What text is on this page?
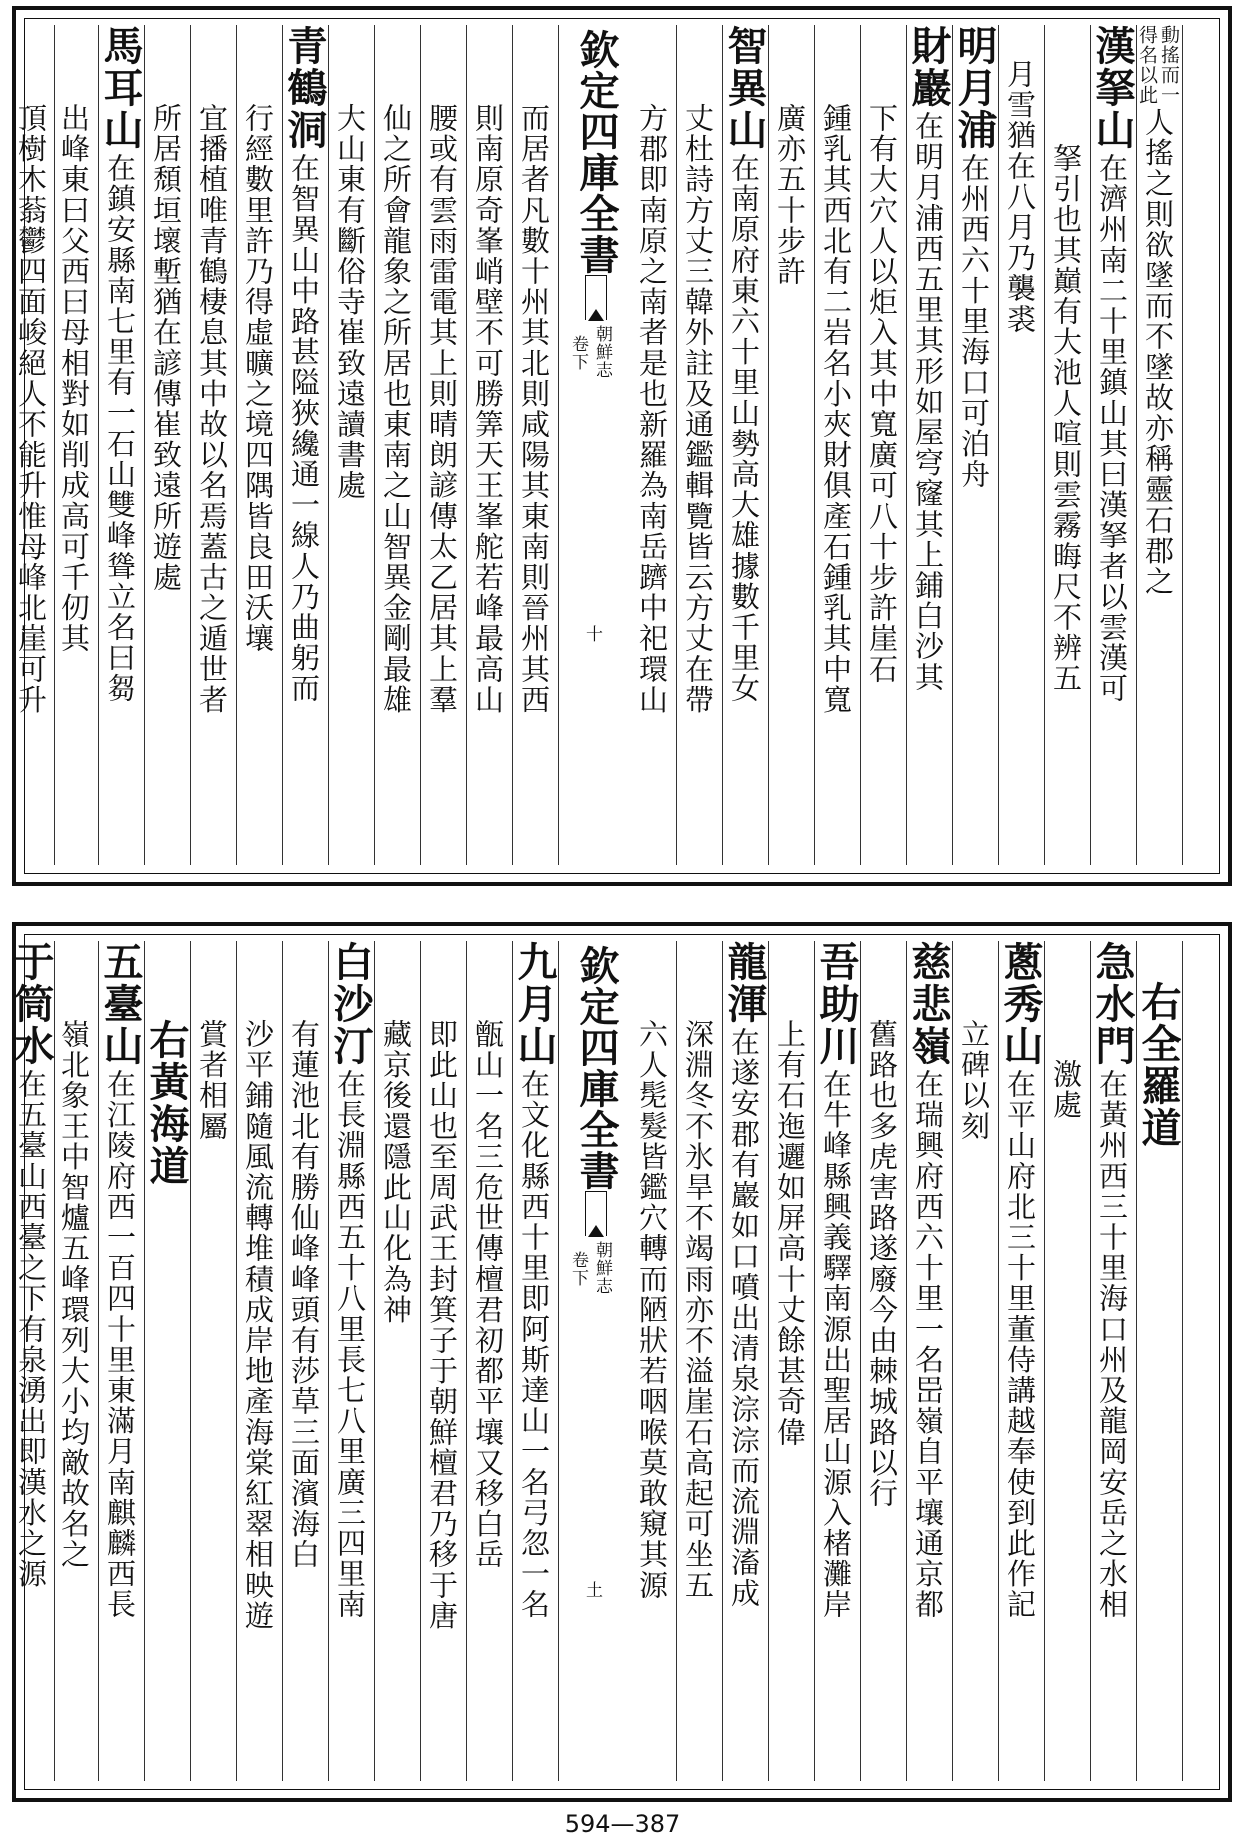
得名以此 動搖而一
人搖之則欲墜而不墜故亦稱靈石郡之
漢拏山
在濟州南二十里鎮山其曰漢拏者以雲漢可
拏引也其巔有大池人喧則雲霧晦尺不辨五
月雪猶在八月乃襲裘
明月浦
在州西六十里海口可泊舟
財巖
在明月浦西五里其形如屋穹窿其上鋪白沙其
下有大穴人以炬入其中寬廣可八十步許崖石
鍾乳其西北有二岩名小夾財俱產石鍾乳其中寬
廣亦五十步許
智異山
在南原府東六十里山勢高大雄據數千里女
丈杜詩方丈三韓外註及通鑑輯覽皆云方丈在帶
方郡即南原之南者是也新羅為南岳躋中祀環山
欽定四庫全書
卷下 朝鮮志
十
而居者凡數十州其北則咸陽其東南則晉州其西
則南原奇峯峭壁不可勝筭天王峯舵若峰最高山
腰或有雲雨雷電其上則晴朗諺傳太乙居其上羣
仙之所會龍象之所居也東南之山智異金剛最雄
大山東有斷俗寺崔致遠讀書處
青鶴洞
在智異山中路甚隘狹纔通一線人乃曲躬而
行經數里許乃得虛曠之境四隅皆良田沃壤
宜播植唯青鶴棲息其中故以名焉蓋古之遁世者
所居頹垣壞塹猶在諺傳崔致遠所遊處
馬耳山
在鎮安縣南七里有一石山雙峰聳立名曰芻
出峰東曰父西曰母相對如削成高可千仞其
頂樹木蓊鬱四面峻絕人不能升惟母峰北崖可升
右全羅道
急水門
在黃州西三十里海口州及龍岡安岳之水相
激處
蔥秀山
在平山府北三十里董侍講越奉使到此作記
立碑以刻
慈悲嶺
在瑞興府西六十里一名岊嶺自平壤通京都
舊路也多虎害路遂廢今由棘城路以行
吾助川
在牛峰縣興義驛南源出聖居山源入楮灘岸
上有石迤邐如屏高十丈餘甚奇偉
龍渾
在遂安郡有巖如口噴出清泉淙淙而流淵滀成
深淵冬不氷旱不竭雨亦不溢崖石高起可坐五
六人髧髮皆鑑穴轉而陋狀若咽喉莫敢窺其源
欽定四庫全書
卷下 朝鮮志
土
九月山
在文化縣西十里即阿斯達山一名弓忽一名
甑山一名三危世傳檀君初都平壤又移白岳
即此山也至周武王封箕子于朝鮮檀君乃移于唐
藏京後還隱此山化為神
白沙汀
在長淵縣西五十八里長七八里廣三四里南
有蓮池北有勝仙峰峰頭有莎草三面濱海白
沙平鋪隨風流轉堆積成岸地產海棠紅翠相映遊
賞者相屬
右黃海道
五臺山
在江陵府西一百四十里東滿月南麒麟西長
嶺北象王中智爐五峰環列大小均敵故名之
于筒水
在五臺山西臺之下有泉湧出即漢水之源
594—387
